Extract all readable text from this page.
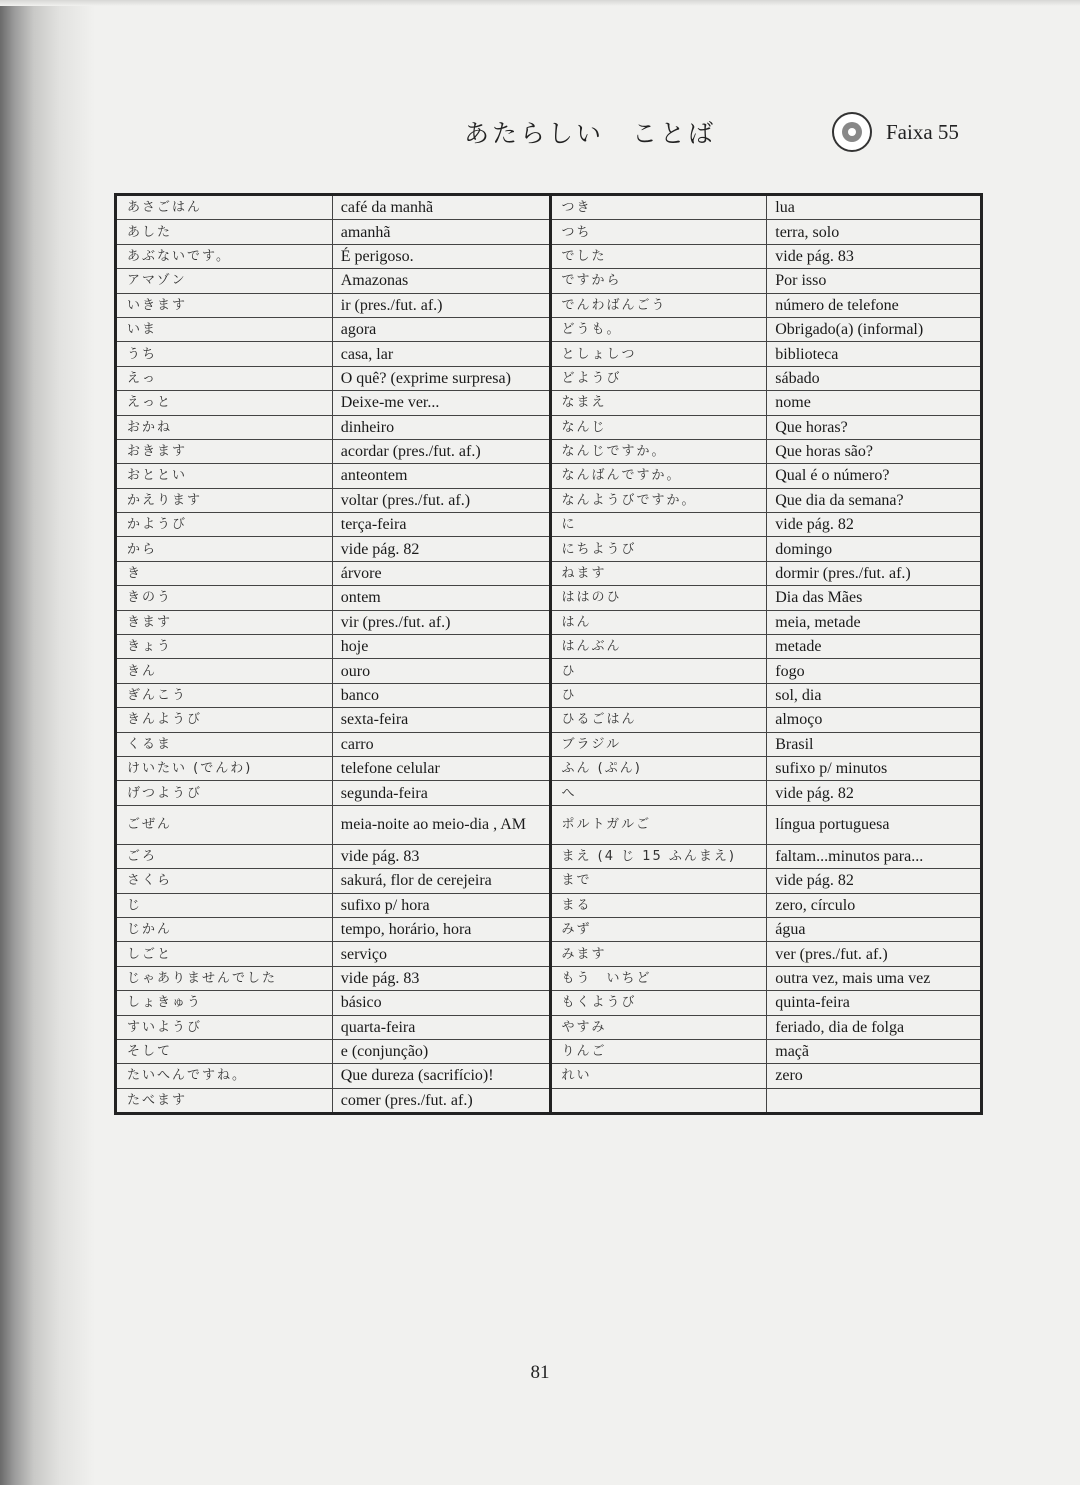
あたらしい　ことば	Faixa 55
あさごはん	café da manhã	つき	lua
あした	amanhã	つち	terra, solo
あぶないです。	É perigoso.	でした	vide pág. 83
アマゾン	Amazonas	ですから	Por isso
いきます	ir (pres./fut. af.)	でんわばんごう	número de telefone
いま	agora	どうも。	Obrigado(a) (informal)
うち	casa, lar	としょしつ	biblioteca
えっ	O quê? (exprime surpresa)	どようび	sábado
えっと	Deixe-me ver...	なまえ	nome
おかね	dinheiro	なんじ	Que horas?
おきます	acordar (pres./fut. af.)	なんじですか。	Que horas são?
おととい	anteontem	なんばんですか。	Qual é o número?
かえります	voltar (pres./fut. af.)	なんようびですか。	Que dia da semana?
かようび	terça-feira	に	vide pág. 82
から	vide pág. 82	にちようび	domingo
き	árvore	ねます	dormir (pres./fut. af.)
きのう	ontem	ははのひ	Dia das Mães
きます	vir (pres./fut. af.)	はん	meia, metade
きょう	hoje	はんぶん	metade
きん	ouro	ひ	fogo
ぎんこう	banco	ひ	sol, dia
きんようび	sexta-feira	ひるごはん	almoço
くるま	carro	ブラジル	Brasil
けいたい (でんわ)	telefone celular	ふん (ぷん)	sufixo p/ minutos
げつようび	segunda-feira	へ	vide pág. 82
ごぜん	meia-noite ao meio-dia , AM	ポルトガルご	língua portuguesa
ごろ	vide pág. 83	まえ (4 じ 15 ふんまえ)	faltam...minutos para...
さくら	sakurá, flor de cerejeira	まで	vide pág. 82
じ	sufixo p/ hora	まる	zero, círculo
じかん	tempo, horário, hora	みず	água
しごと	serviço	みます	ver (pres./fut. af.)
じゃありませんでした	vide pág. 83	もう　いちど	outra vez, mais uma vez
しょきゅう	básico	もくようび	quinta-feira
すいようび	quarta-feira	やすみ	feriado, dia de folga
そして	e (conjunção)	りんご	maçã
たいへんですね。	Que dureza (sacrifício)!	れい	zero
たべます	comer (pres./fut. af.)		
81
